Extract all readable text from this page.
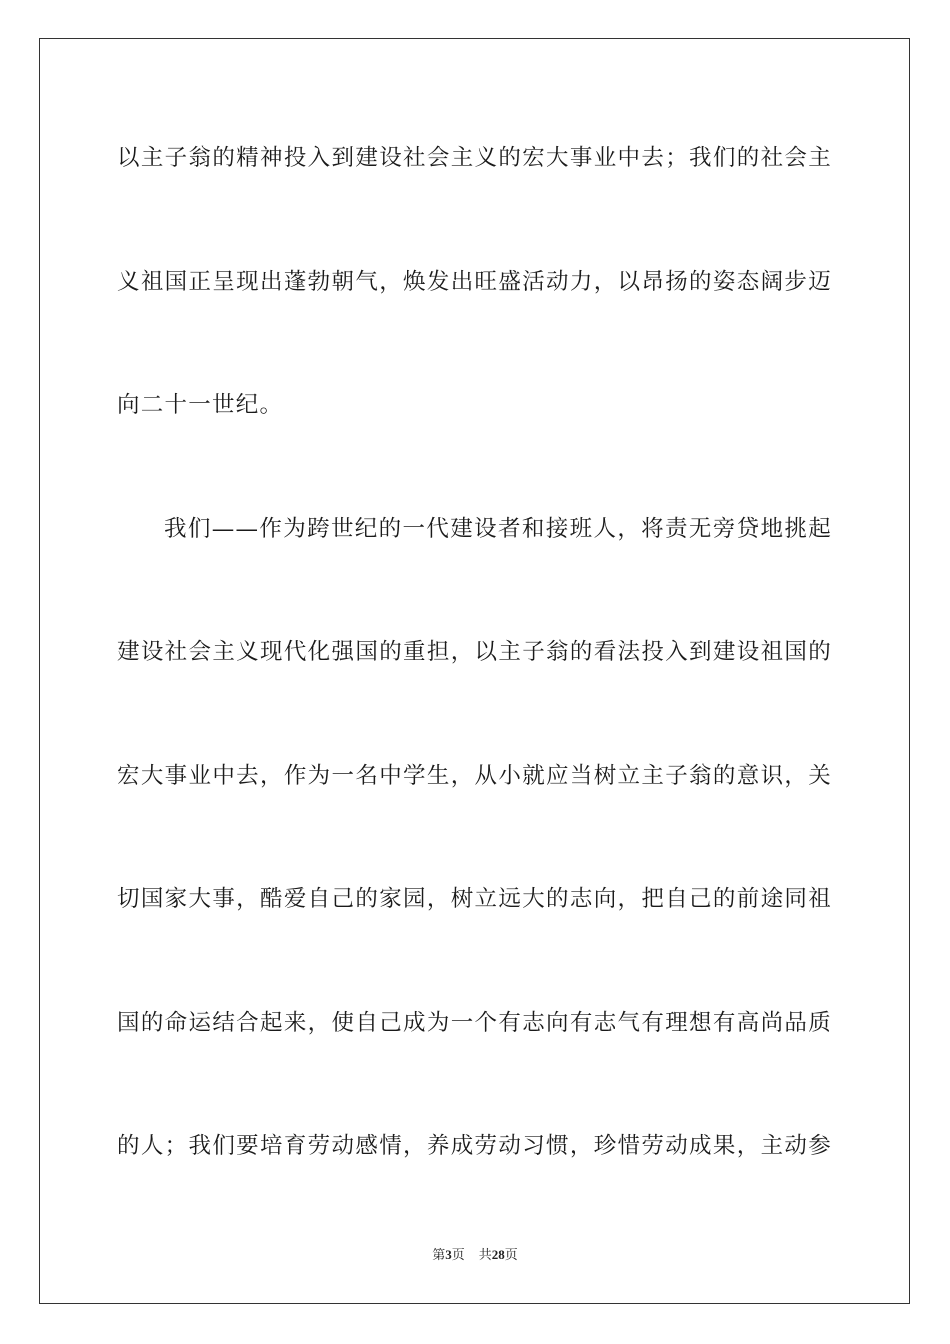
以主子翁的精神投入到建设社会主义的宏大事业中去；我们的社会主
义祖国正呈现出蓬勃朝气，焕发出旺盛活动力，以昂扬的姿态阔步迈
向二十一世纪。
我们——作为跨世纪的一代建设者和接班人，将责无旁贷地挑起
建设社会主义现代化强国的重担，以主子翁的看法投入到建设祖国的
宏大事业中去，作为一名中学生，从小就应当树立主子翁的意识，关
切国家大事，酷爱自己的家园，树立远大的志向，把自己的前途同祖
国的命运结合起来，使自己成为一个有志向有志气有理想有高尚品质
的人；我们要培育劳动感情，养成劳动习惯，珍惜劳动成果，主动参
第3页 共28页
